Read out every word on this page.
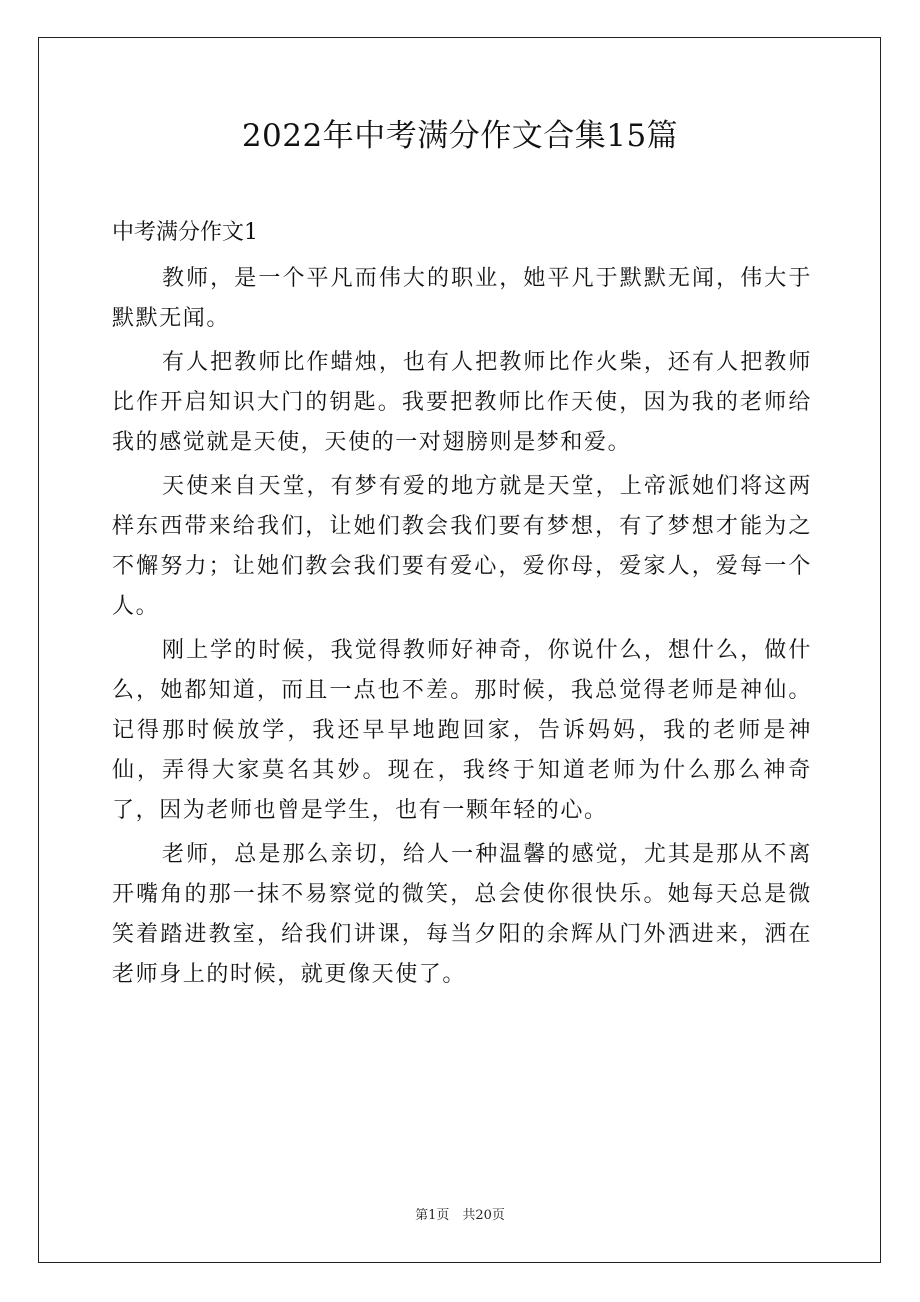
2022年中考满分作文合集15篇
中考满分作文1

教师，是一个平凡而伟大的职业，她平凡于默默无闻，伟大于默默无闻。

有人把教师比作蜡烛，也有人把教师比作火柴，还有人把教师比作开启知识大门的钥匙。我要把教师比作天使，因为我的老师给我的感觉就是天使，天使的一对翅膀则是梦和爱。

天使来自天堂，有梦有爱的地方就是天堂，上帝派她们将这两样东西带来给我们，让她们教会我们要有梦想，有了梦想才能为之不懈努力；让她们教会我们要有爱心，爱你母，爱家人，爱每一个人。

刚上学的时候，我觉得教师好神奇，你说什么，想什么，做什么，她都知道，而且一点也不差。那时候，我总觉得老师是神仙。记得那时候放学，我还早早地跑回家，告诉妈妈，我的老师是神仙，弄得大家莫名其妙。现在，我终于知道老师为什么那么神奇了，因为老师也曾是学生，也有一颗年轻的心。

老师，总是那么亲切，给人一种温馨的感觉，尤其是那从不离开嘴角的那一抹不易察觉的微笑，总会使你很快乐。她每天总是微笑着踏进教室，给我们讲课，每当夕阳的余辉从门外洒进来，洒在老师身上的时候，就更像天使了。

第1页　共20页
